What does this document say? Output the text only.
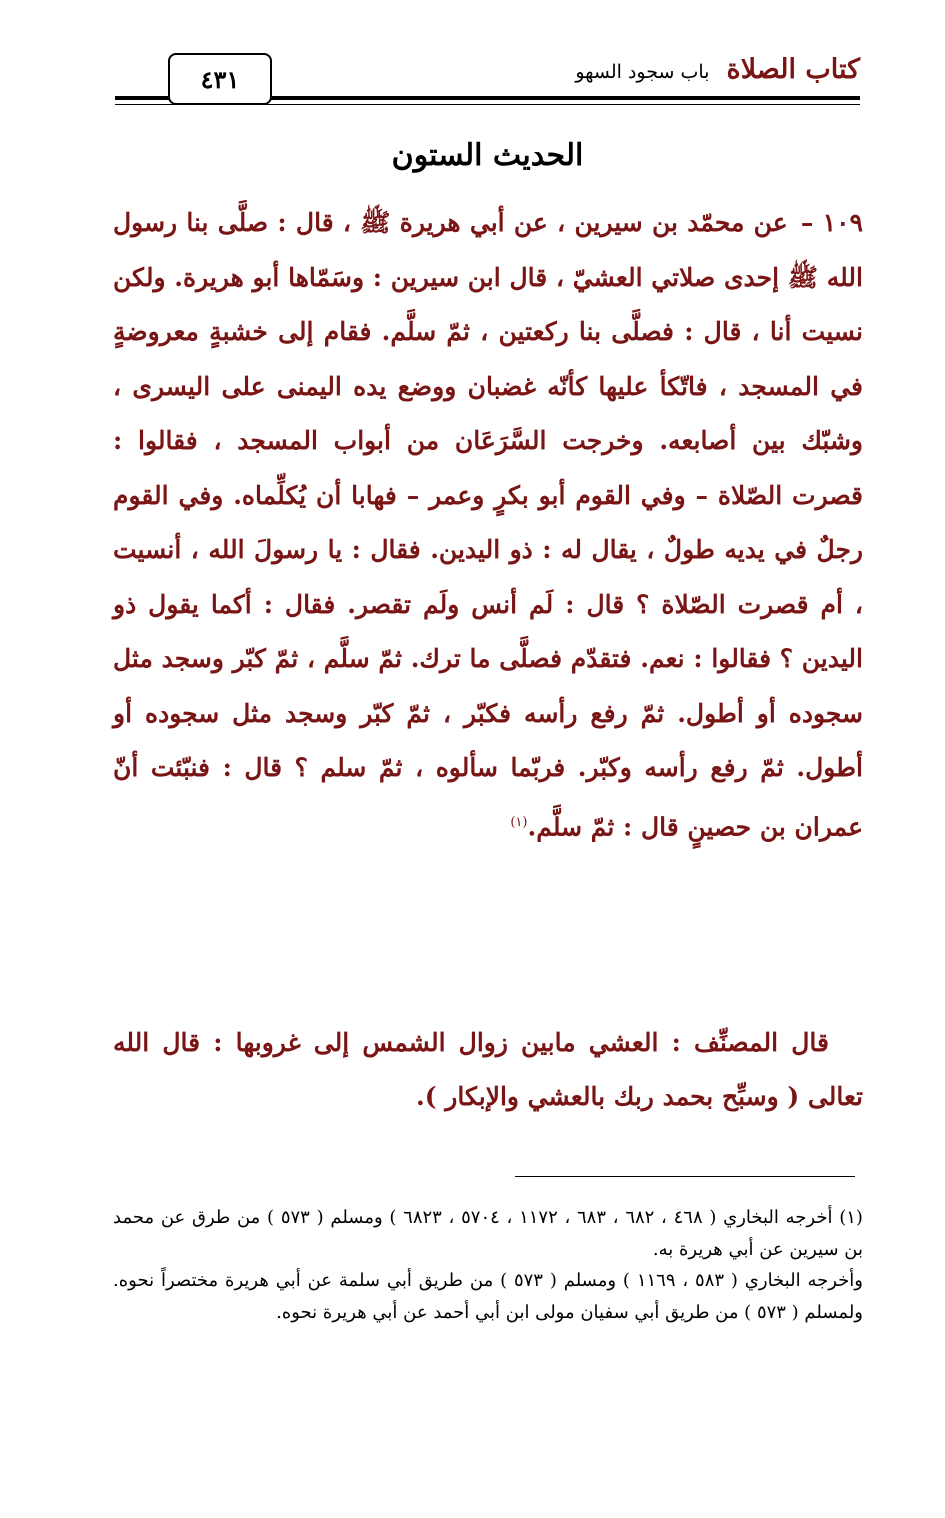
٤٣١	كتاب الصلاة باب سجود السهو
الحديث الستون

١٠٩ – عن محمّد بن سيرين ، عن أبي هريرة ﷺ ، قال : صلَّى بنا رسول الله ﷺ إحدى صلاتي العشيّ ، قال ابن سيرين : وسَمّاها أبو هريرة. ولكن نسيت أنا ، قال : فصلَّى بنا ركعتين ، ثمّ سلَّم. فقام إلى خشبةٍ معروضةٍ في المسجد ، فاتّكأ عليها كأنّه غضبان ووضع يده اليمنى على اليسرى ، وشبّك بين أصابعه. وخرجت السَّرَعَان من أبواب المسجد ، فقالوا : قصرت الصّلاة – وفي القوم أبو بكرٍ وعمر – فهابا أن يُكلِّماه. وفي القوم رجلٌ في يديه طولٌ ، يقال له : ذو اليدين. فقال : يا رسولَ الله ، أنسيت ، أم قصرت الصّلاة ؟ قال : لَم أنس ولَم تقصر. فقال : أكما يقول ذو اليدين ؟ فقالوا : نعم. فتقدّم فصلَّى ما ترك. ثمّ سلَّم ، ثمّ كبّر وسجد مثل سجوده أو أطول. ثمّ رفع رأسه فكبّر ، ثمّ كبّر وسجد مثل سجوده أو أطول. ثمّ رفع رأسه وكبّر. فربّما سألوه ، ثمّ سلم ؟ قال : فنبّئت أنّ عمران بن حصينٍ قال : ثمّ سلَّم.$^{(١)}$

قال المصنِّف : العشي مابين زوال الشمس إلى غروبها : قال الله تعالى ( وسبِّح بحمد ربك بالعشي والإبكار ).

(١) أخرجه البخاري ( ٤٦٨ ، ٦٨٢ ، ٦٨٣ ، ١١٧٢ ، ٥٧٠٤ ، ٦٨٢٣ ) ومسلم ( ٥٧٣ ) من طرق عن محمد بن سيرين عن أبي هريرة به.

وأخرجه البخاري ( ٥٨٣ ، ١١٦٩ ) ومسلم ( ٥٧٣ ) من طريق أبي سلمة عن أبي هريرة مختصراً نحوه. ولمسلم ( ٥٧٣ ) من طريق أبي سفيان مولى ابن أبي أحمد عن أبي هريرة نحوه.
